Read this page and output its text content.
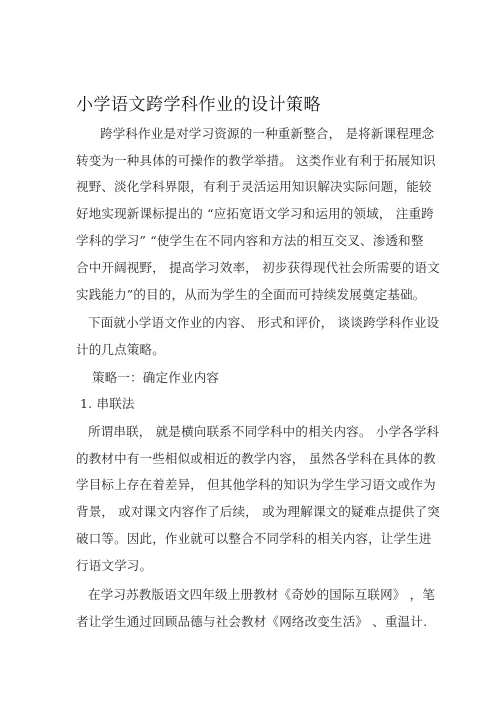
小学语文跨学科作业的设计策略
跨学科作业是对学习资源的一种重新整合， 是将新课程理念
转变为一种具体的可操作的教学举措。 这类作业有利于拓展知识
视野、淡化学科界限，有利于灵活运用知识解决实际问题，能较
好地实现新课标提出的 “应拓宽语文学习和运用的领域， 注重跨
学科的学习” “使学生在不同内容和方法的相互交叉、渗透和整
合中开阔视野， 提高学习效率， 初步获得现代社会所需要的语文
实践能力”的目的，从而为学生的全面而可持续发展奠定基础。
下面就小学语文作业的内容、 形式和评价， 谈谈跨学科作业设
计的几点策略。
策略一：确定作业内容
1. 串联法
所谓串联， 就是横向联系不同学科中的相关内容。 小学各学科
的教材中有一些相似或相近的教学内容， 虽然各学科在具体的教
学目标上存在着差异， 但其他学科的知识为学生学习语文或作为
背景， 或对课文内容作了后续， 或为理解课文的疑难点提供了突
破口等。因此，作业就可以整合不同学科的相关内容，让学生进
行语文学习。
在学习苏教版语文四年级上册教材《奇妙的国际互联网》 ，笔
者让学生通过回顾品德与社会教材《网络改变生活》 、重温计.
